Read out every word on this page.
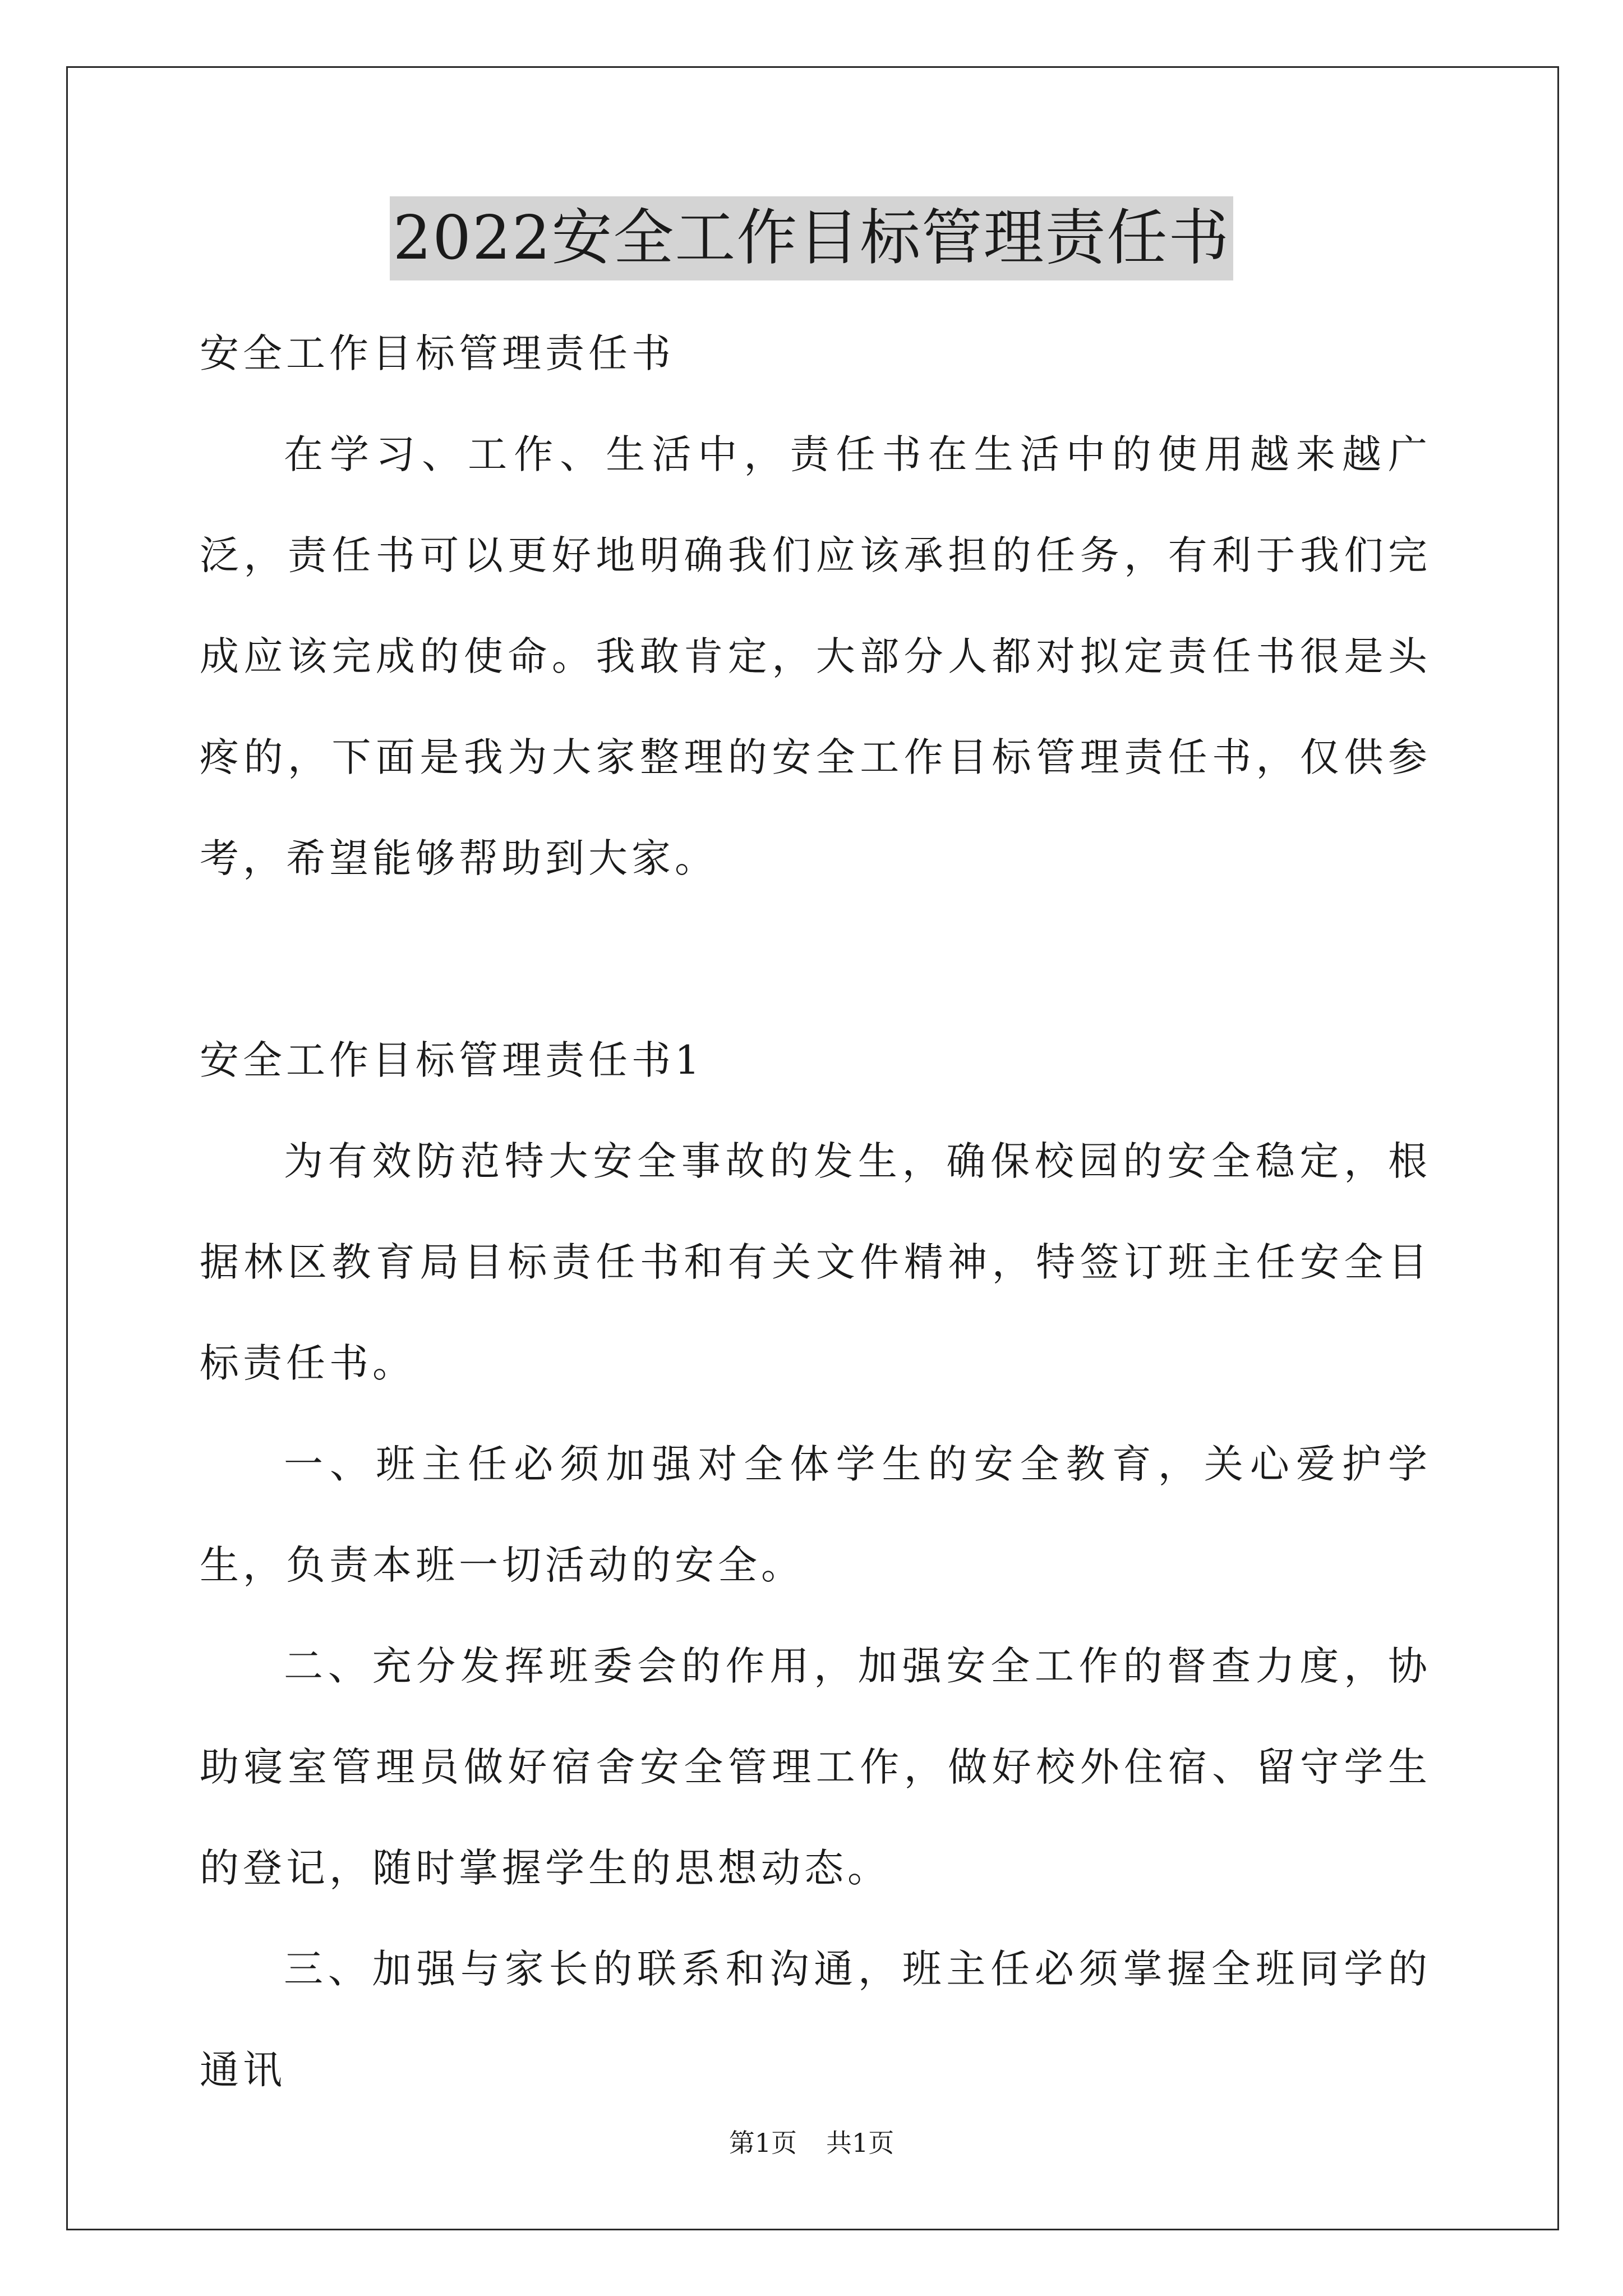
2022安全工作目标管理责任书

安全工作目标管理责任书

在学习、工作、生活中，责任书在生活中的使用越来越广泛，责任书可以更好地明确我们应该承担的任务，有利于我们完成应该完成的使命。我敢肯定，大部分人都对拟定责任书很是头疼的，下面是我为大家整理的安全工作目标管理责任书，仅供参考，希望能够帮助到大家。

安全工作目标管理责任书1

为有效防范特大安全事故的发生，确保校园的安全稳定，根据林区教育局目标责任书和有关文件精神，特签订班主任安全目标责任书。

一、班主任必须加强对全体学生的安全教育，关心爱护学生，负责本班一切活动的安全。

二、充分发挥班委会的作用，加强安全工作的督查力度，协助寝室管理员做好宿舍安全管理工作，做好校外住宿、留守学生的登记，随时掌握学生的思想动态。

三、加强与家长的联系和沟通，班主任必须掌握全班同学的通讯

第1页 共1页
